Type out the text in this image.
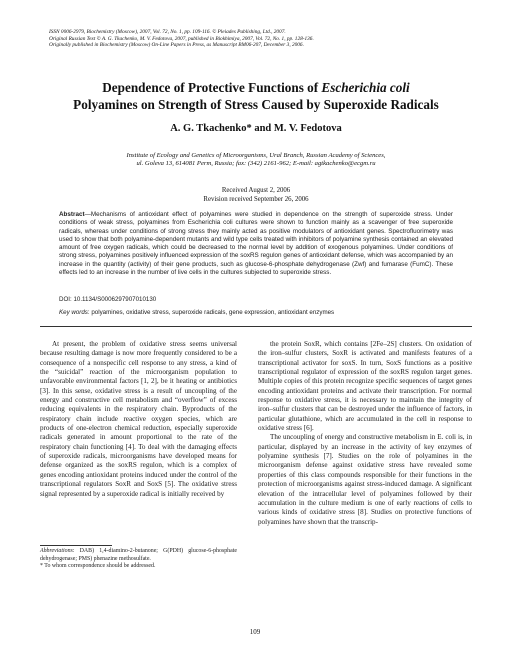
ISSN 0006-2979, Biochemistry (Moscow), 2007, Vol. 72, No. 1, pp. 109-116. © Pleiades Publishing, Ltd., 2007.
Original Russian Text © A. G. Tkachenko, M. V. Fedotova, 2007, published in Biokhimiya, 2007, Vol. 72, No. 1, pp. 128-136.
Originally published in Biochemistry (Moscow) On-Line Papers in Press, as Manuscript BM06-207, December 3, 2006.
Dependence of Protective Functions of Escherichia coli
Polyamines on Strength of Stress Caused by Superoxide Radicals
A. G. Tkachenko* and M. V. Fedotova
Institute of Ecology and Genetics of Microorganisms, Ural Branch, Russian Academy of Sciences,
ul. Goleva 13, 614081 Perm, Russia; fax: (342) 2161-962; E-mail: agtkachenko@ecgm.ru
Received August 2, 2006
Revision received September 26, 2006
Abstract—Mechanisms of antioxidant effect of polyamines were studied in dependence on the strength of superoxide stress. Under conditions of weak stress, polyamines from Escherichia coli cultures were shown to function mainly as a scavenger of free superoxide radicals, whereas under conditions of strong stress they mainly acted as positive modulators of antioxidant genes. Spectrofluorimetry was used to show that both polyamine-dependent mutants and wild type cells treated with inhibitors of polyamine synthesis contained an elevated amount of free oxygen radicals, which could be decreased to the normal level by addition of exogenous polyamines. Under conditions of strong stress, polyamines positively influenced expression of the soxRS regulon genes of antioxidant defense, which was accompanied by an increase in the quantity (activity) of their gene products, such as glucose-6-phosphate dehydrogenase (Zwf) and fumarase (FumC). These effects led to an increase in the number of live cells in the cultures subjected to superoxide stress.
DOI: 10.1134/S0006297907010130
Key words: polyamines, oxidative stress, superoxide radicals, gene expression, antioxidant enzymes

At present, the problem of oxidative stress seems universal because resulting damage is now more frequently considered to be a consequence of a nonspecific cell response to any stress, a kind of the “suicidal” reaction of the microorganism population to unfavorable environmental factors [1, 2], be it heating or antibiotics [3]. In this sense, oxidative stress is a result of uncoupling of the energy and constructive cell metabolism and “overflow” of excess reducing equivalents in the respiratory chain. Byproducts of the respiratory chain include reactive oxygen species, which are products of one-electron chemical reduction, especially superoxide radicals generated in amount proportional to the rate of the respiratory chain functioning [4]. To deal with the damaging effects of superoxide radicals, microorganisms have developed means for defense organized as the soxRS regulon, which is a complex of genes encoding antioxidant proteins induced under the control of the transcriptional regulators SoxR and SoxS [5]. The oxidative stress signal represented by a superoxide radical is initially received by

the protein SoxR, which contains [2Fe–2S] clusters. On oxidation of the iron–sulfur clusters, SoxR is activated and manifests features of a transcriptional activator for soxS. In turn, SoxS functions as a positive transcriptional regulator of expression of the soxRS regulon target genes. Multiple copies of this protein recognize specific sequences of target genes encoding antioxidant proteins and activate their transcription. For normal response to oxidative stress, it is necessary to maintain the integrity of iron–sulfur clusters that can be destroyed under the influence of factors, in particular glutathione, which are accumulated in the cell in response to oxidative stress [6].

The uncoupling of energy and constructive metabolism in E. coli is, in particular, displayed by an increase in the activity of key enzymes of polyamine synthesis [7]. Studies on the role of polyamines in the microorganism defense against oxidative stress have revealed some properties of this class compounds responsible for their functions in the protection of microorganisms against stress-induced damage. A significant elevation of the intracellular level of polyamines followed by their accumulation in the culture medium is one of early reactions of cells to various kinds of oxidative stress [8]. Studies on protective functions of polyamines have shown that the transcrip-

Abbreviations: DAB) 1,4-diamino-2-butanone; G(PDH) glucose-6-phosphate dehydrogenase; PMS) phenazine methosulfate.
* To whom correspondence should be addressed.
109
